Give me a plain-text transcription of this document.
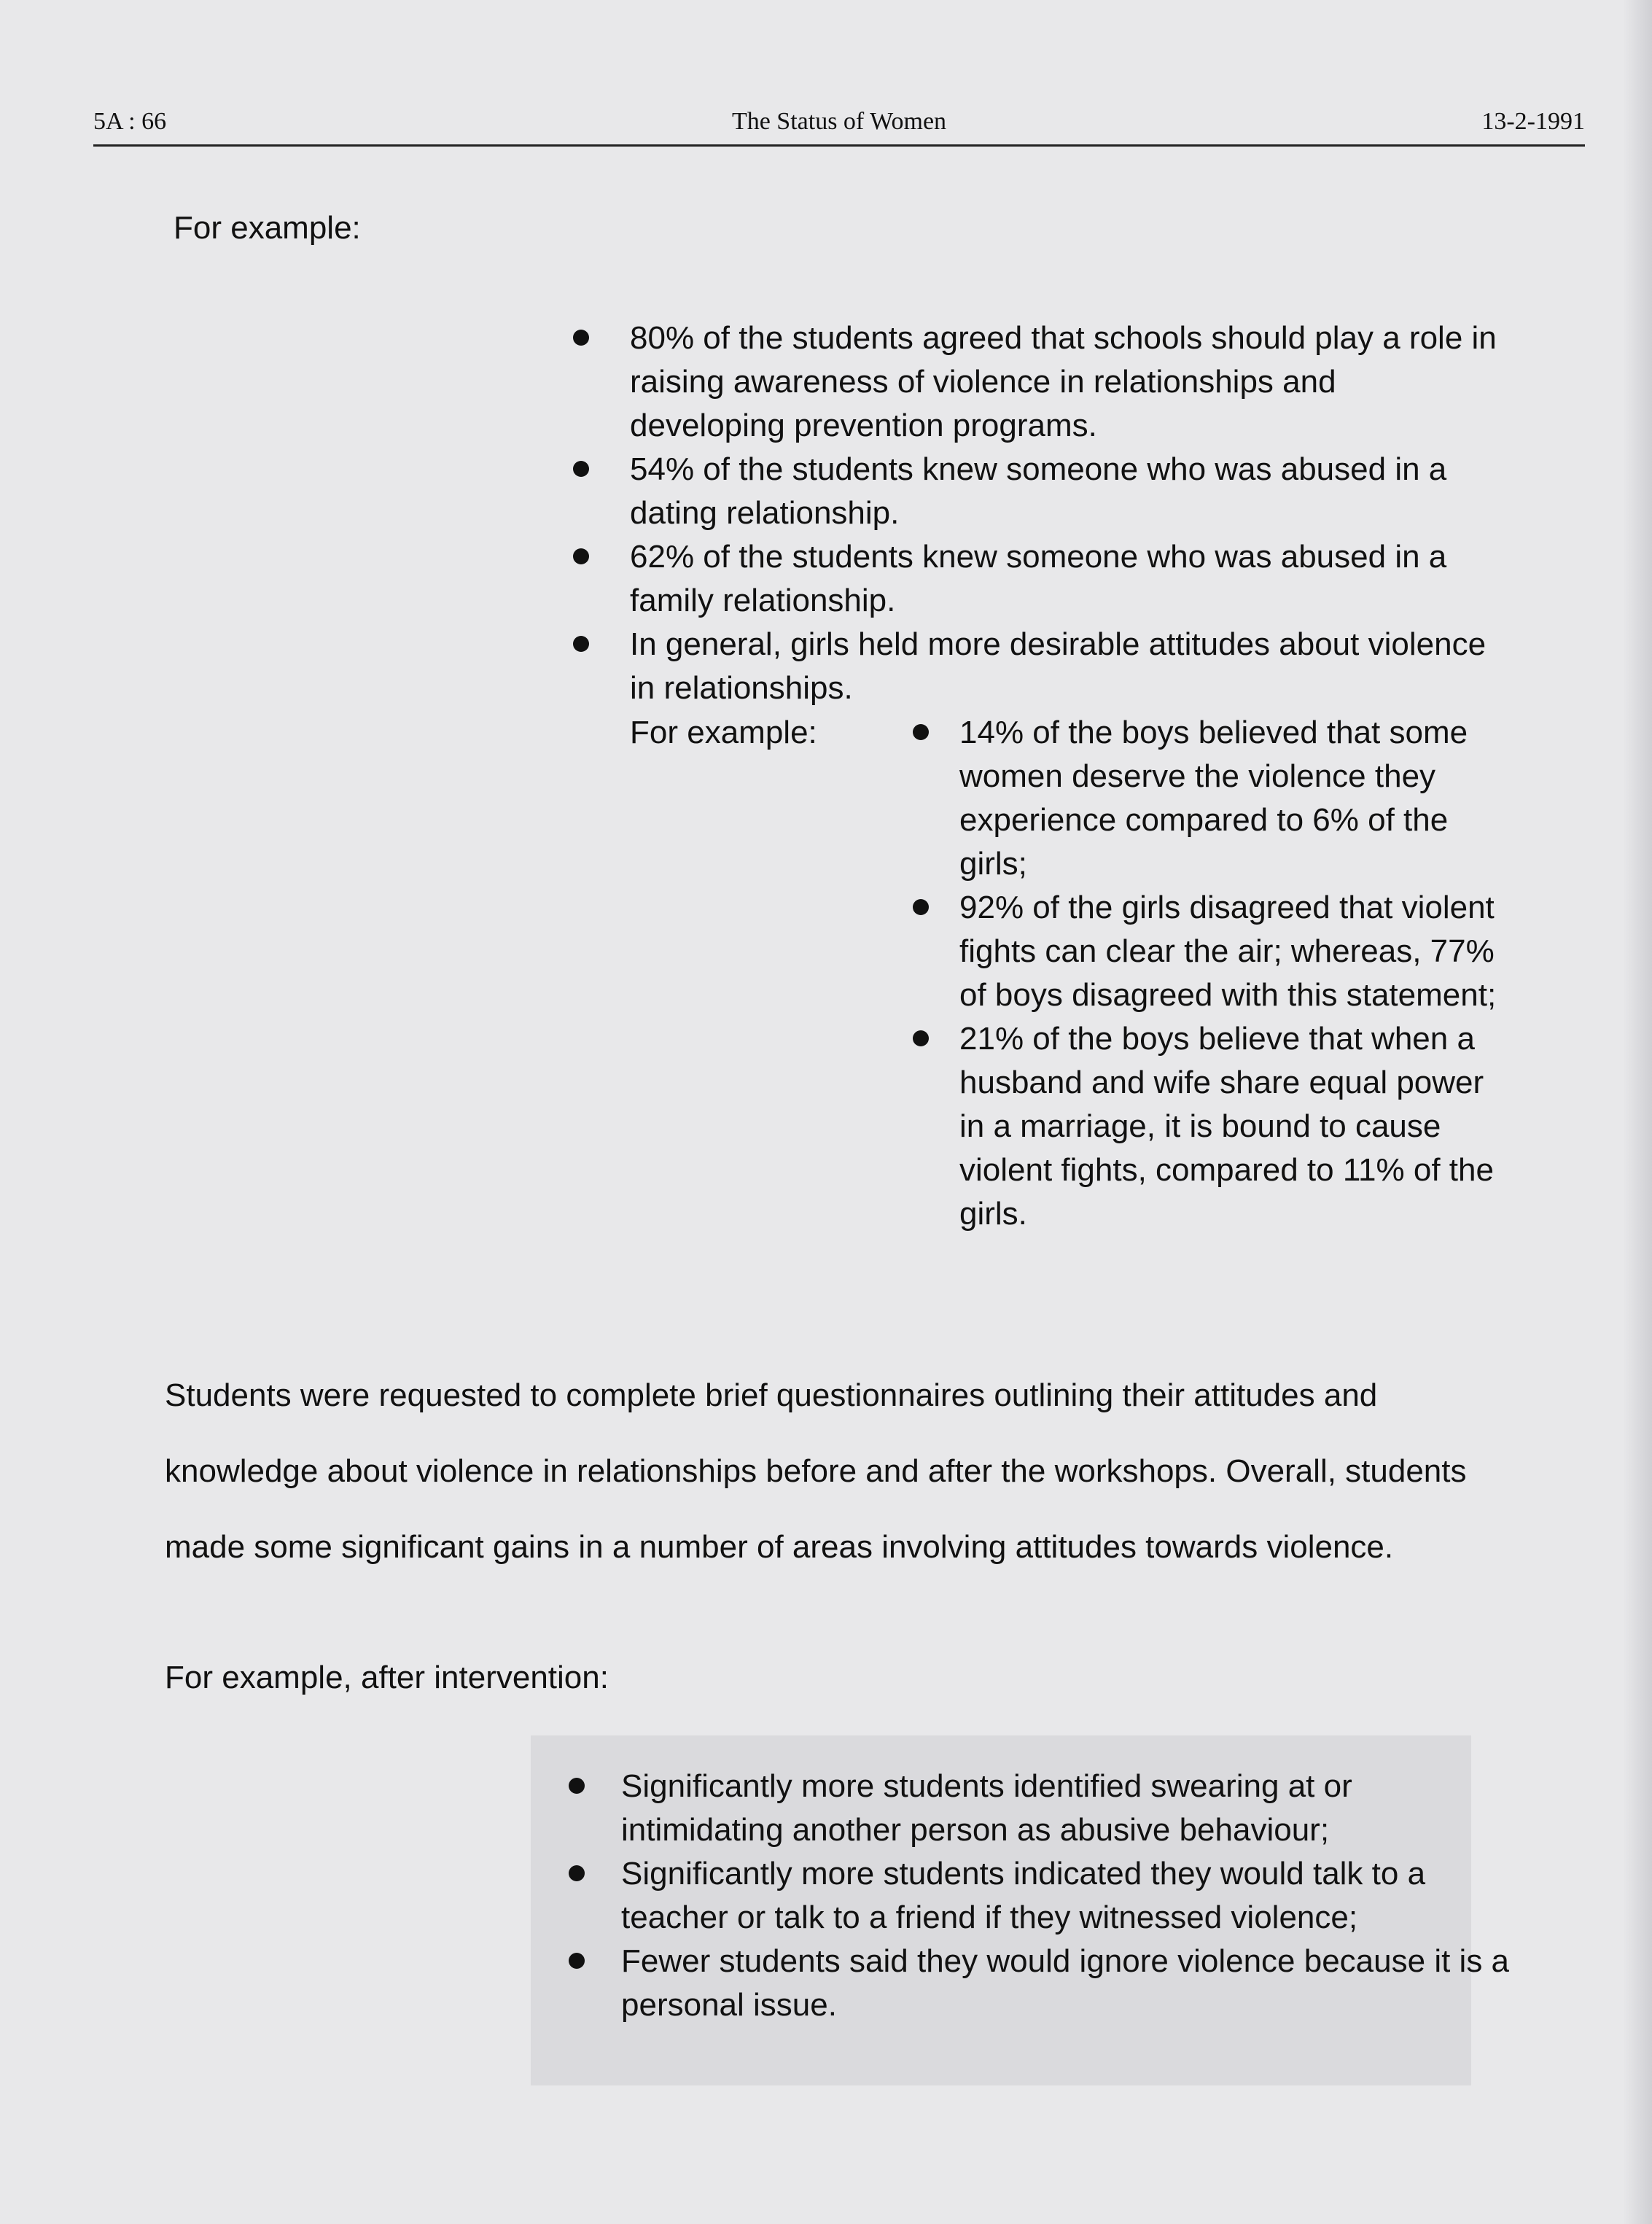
5A : 66	The Status of Women	13-2-1991
For example:
80% of the students agreed that schools should play a role in raising awareness of violence in relationships and developing prevention programs.
54% of the students knew someone who was abused in a dating relationship.
62% of the students knew someone who was abused in a family relationship.
In general, girls held more desirable attitudes about violence in relationships.
For example:	14% of the boys believed that some women deserve the violence they experience compared to 6% of the girls;
92% of the girls disagreed that violent fights can clear the air; whereas, 77% of boys disagreed with this statement;
21% of the boys believe that when a husband and wife share equal power in a marriage, it is bound to cause violent fights, compared to 11% of the girls.
Students were requested to complete brief questionnaires outlining their attitudes and knowledge about violence in relationships before and after the workshops. Overall, students made some significant gains in a number of areas involving attitudes towards violence.
For example, after intervention:
Significantly more students identified swearing at or intimidating another person as abusive behaviour;
Significantly more students indicated they would talk to a teacher or talk to a friend if they witnessed violence;
Fewer students said they would ignore violence because it is a personal issue.
